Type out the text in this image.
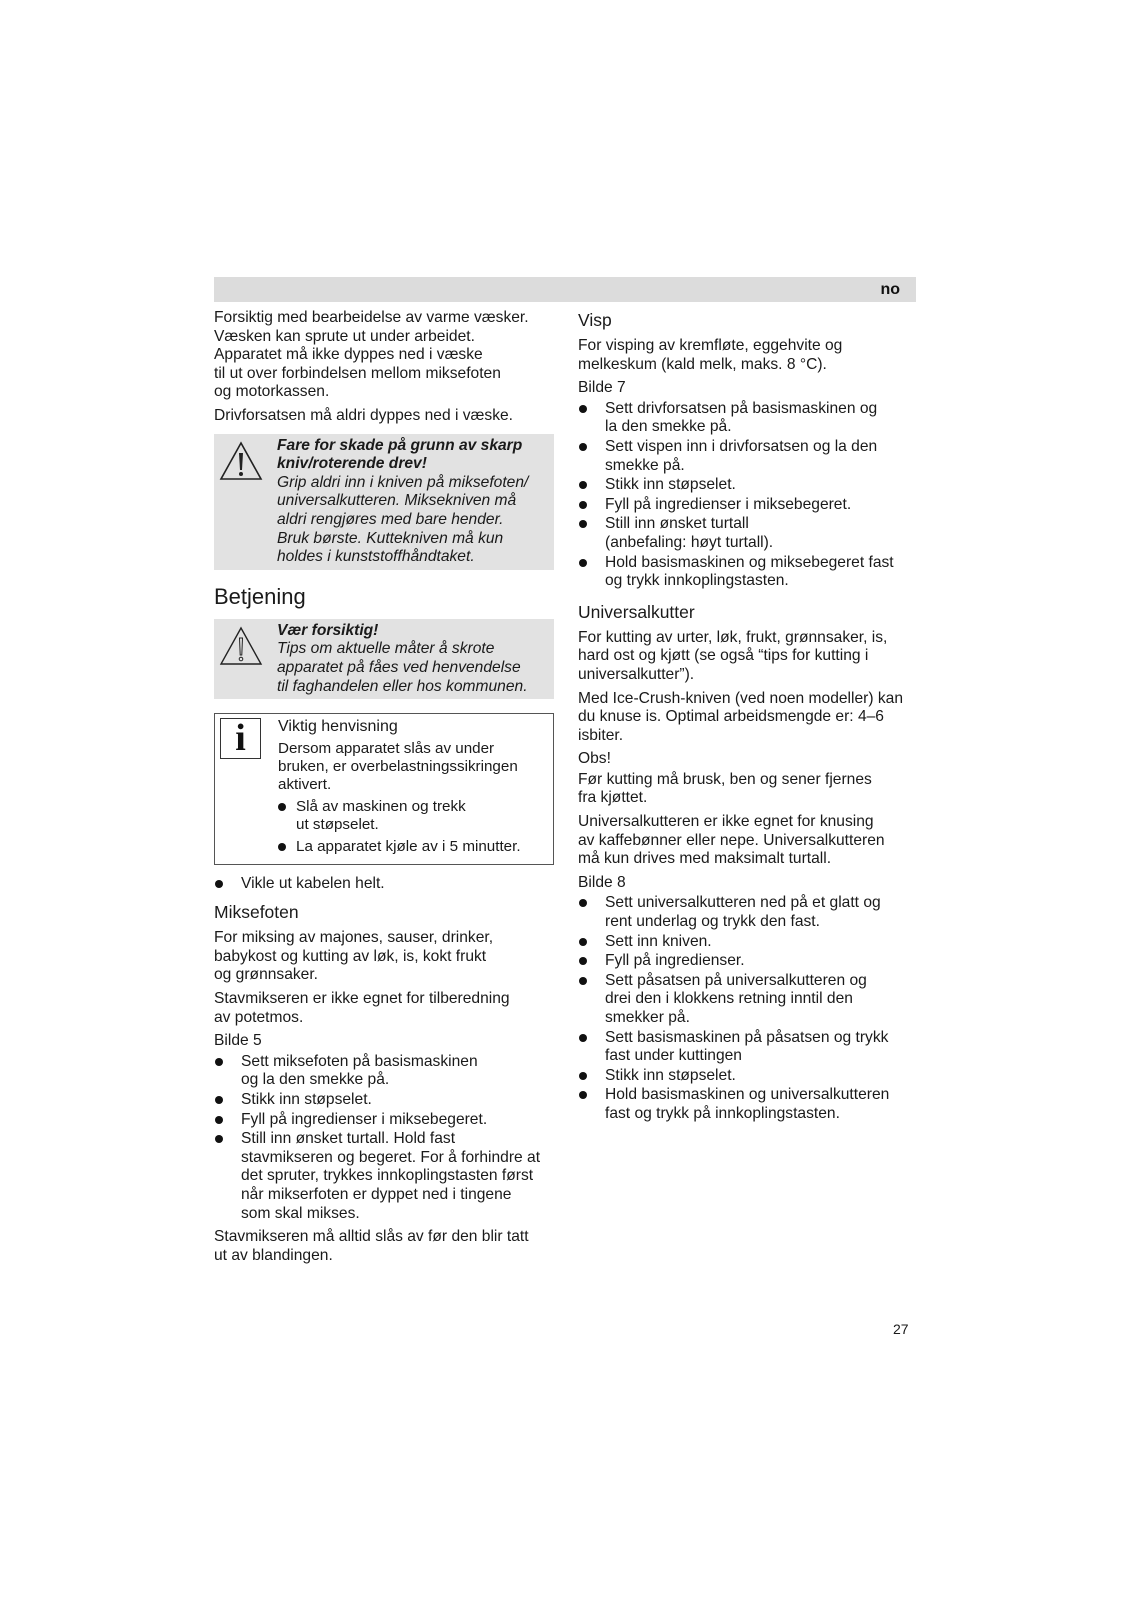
no

Forsiktig med bearbeidelse av varme væsker.
Væsken kan sprute ut under arbeidet.
Apparatet må ikke dyppes ned i væske
til ut over forbindelsen mellom miksefoten
og motorkassen.

Drivforsatsen må aldri dyppes ned i væske.

Fare for skade på grunn av skarp
kniv/roterende drev!
Grip aldri inn i kniven på miksefoten/
universalkutteren. Miksekniven må
aldri rengjøres med bare hender.
Bruk børste. Kuttekniven må kun
holdes i kunststoffhåndtaket.
Betjening
Vær forsiktig!
Tips om aktuelle måter å skrote
apparatet på fåes ved henvendelse
til faghandelen eller hos kommunen.
i	Viktig henvisning
Dersom apparatet slås av under
bruken, er overbelastningssikringen
aktivert.
Slå av maskinen og trekk
ut støpselet.
La apparatet kjøle av i 5 minutter.
Vikle ut kabelen helt.
Miksefoten

For miksing av majones, sauser, drinker,
babykost og kutting av løk, is, kokt frukt
og grønnsaker.

Stavmikseren er ikke egnet for tilberedning
av potetmos.

Bilde 5

Sett miksefoten på basismaskinen
og la den smekke på.
Stikk inn støpselet.
Fyll på ingredienser i miksebegeret.
Still inn ønsket turtall. Hold fast
stavmikseren og begeret. For å forhindre at
det spruter, trykkes innkoplingstasten først
når mikserfoten er dyppet ned i tingene
som skal mikses.

Stavmikseren må alltid slås av før den blir tatt
ut av blandingen.

Visp

For visping av kremfløte, eggehvite og
melkeskum (kald melk, maks. 8 °C).

Bilde 7

Sett drivforsatsen på basismaskinen og
la den smekke på.
Sett vispen inn i drivforsatsen og la den
smekke på.
Stikk inn støpselet.
Fyll på ingredienser i miksebegeret.
Still inn ønsket turtall
(anbefaling: høyt turtall).
Hold basismaskinen og miksebegeret fast
og trykk innkoplingstasten.
Universalkutter

For kutting av urter, løk, frukt, grønnsaker, is,
hard ost og kjøtt (se også “tips for kutting i
universalkutter”).

Med Ice-Crush-kniven (ved noen modeller) kan
du knuse is. Optimal arbeidsmengde er: 4–6
isbiter.

Obs!

Før kutting må brusk, ben og sener fjernes
fra kjøttet.

Universalkutteren er ikke egnet for knusing
av kaffebønner eller nepe. Universalkutteren
må kun drives med maksimalt turtall.

Bilde 8

Sett universalkutteren ned på et glatt og
rent underlag og trykk den fast.
Sett inn kniven.
Fyll på ingredienser.
Sett påsatsen på universalkutteren og
drei den i klokkens retning inntil den
smekker på.
Sett basismaskinen på påsatsen og trykk
fast under kuttingen
Stikk inn støpselet.
Hold basismaskinen og universalkutteren
fast og trykk på innkoplingstasten.
27
